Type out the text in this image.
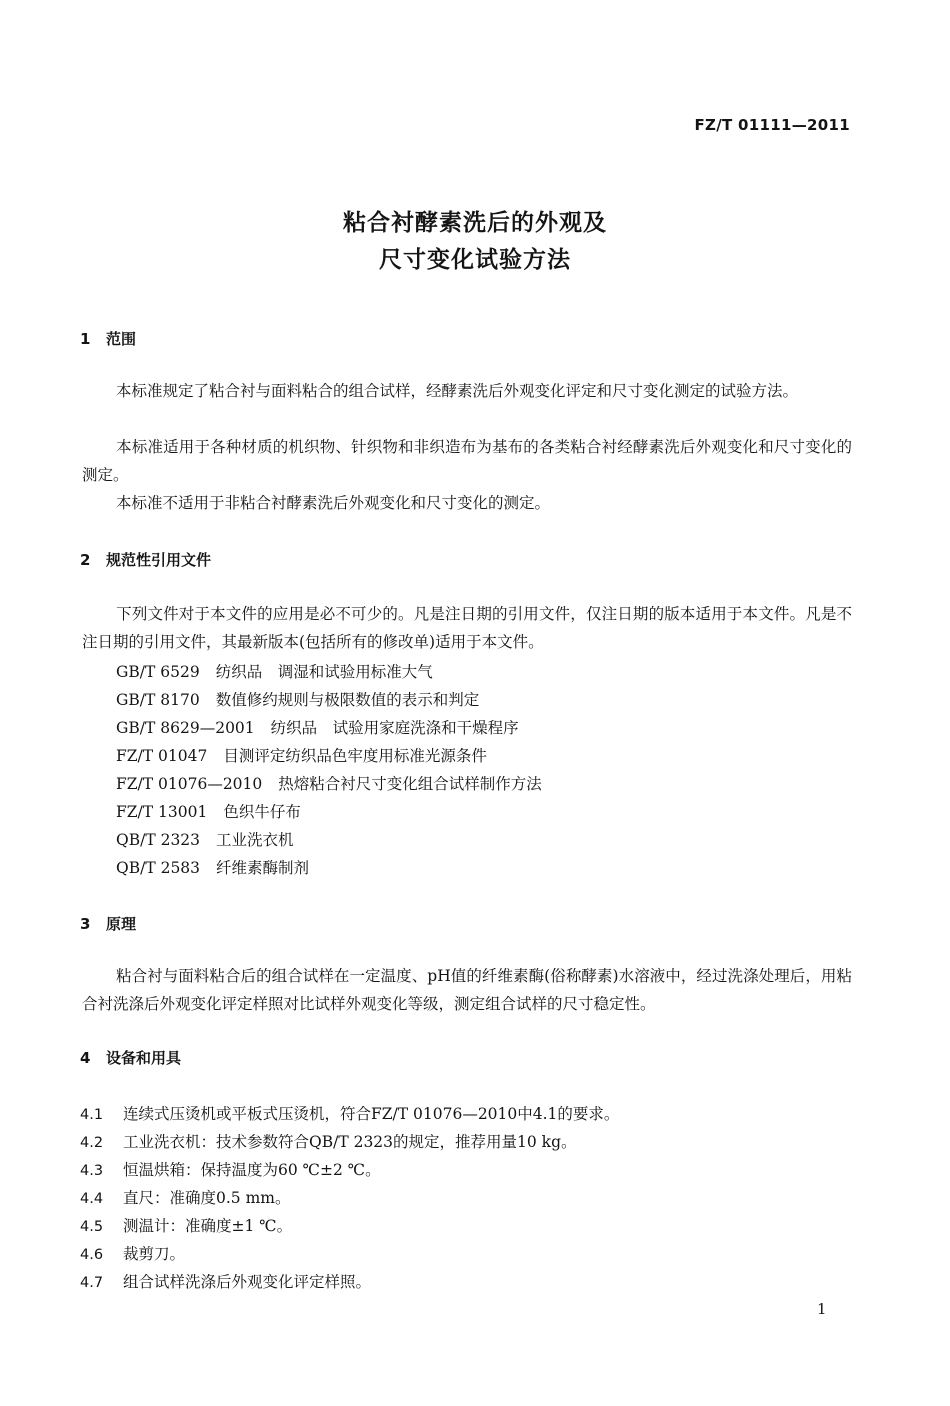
FZ/T 01111—2011
粘合衬酵素洗后的外观及
尺寸变化试验方法
1 范围
本标准规定了粘合衬与面料粘合的组合试样，经酵素洗后外观变化评定和尺寸变化测定的试验方法。
本标准适用于各种材质的机织物、针织物和非织造布为基布的各类粘合衬经酵素洗后外观变化和尺寸变化的测定。
本标准不适用于非粘合衬酵素洗后外观变化和尺寸变化的测定。
2 规范性引用文件
下列文件对于本文件的应用是必不可少的。凡是注日期的引用文件，仅注日期的版本适用于本文件。凡是不注日期的引用文件，其最新版本(包括所有的修改单)适用于本文件。
GB/T 6529 纺织品　调湿和试验用标准大气
GB/T 8170 数值修约规则与极限数值的表示和判定
GB/T 8629—2001 纺织品　试验用家庭洗涤和干燥程序
FZ/T 01047 目测评定纺织品色牢度用标准光源条件
FZ/T 01076—2010 热熔粘合衬尺寸变化组合试样制作方法
FZ/T 13001 色织牛仔布
QB/T 2323 工业洗衣机
QB/T 2583 纤维素酶制剂
3 原理
粘合衬与面料粘合后的组合试样在一定温度、pH值的纤维素酶(俗称酵素)水溶液中，经过洗涤处理后，用粘合衬洗涤后外观变化评定样照对比试样外观变化等级，测定组合试样的尺寸稳定性。
4 设备和用具
4.1 连续式压烫机或平板式压烫机，符合FZ/T 01076—2010中4.1的要求。
4.2 工业洗衣机：技术参数符合QB/T 2323的规定，推荐用量10 kg。
4.3 恒温烘箱：保持温度为60 ℃±2 ℃。
4.4 直尺：准确度0.5 mm。
4.5 测温计：准确度±1 ℃。
4.6 裁剪刀。
4.7 组合试样洗涤后外观变化评定样照。
1
